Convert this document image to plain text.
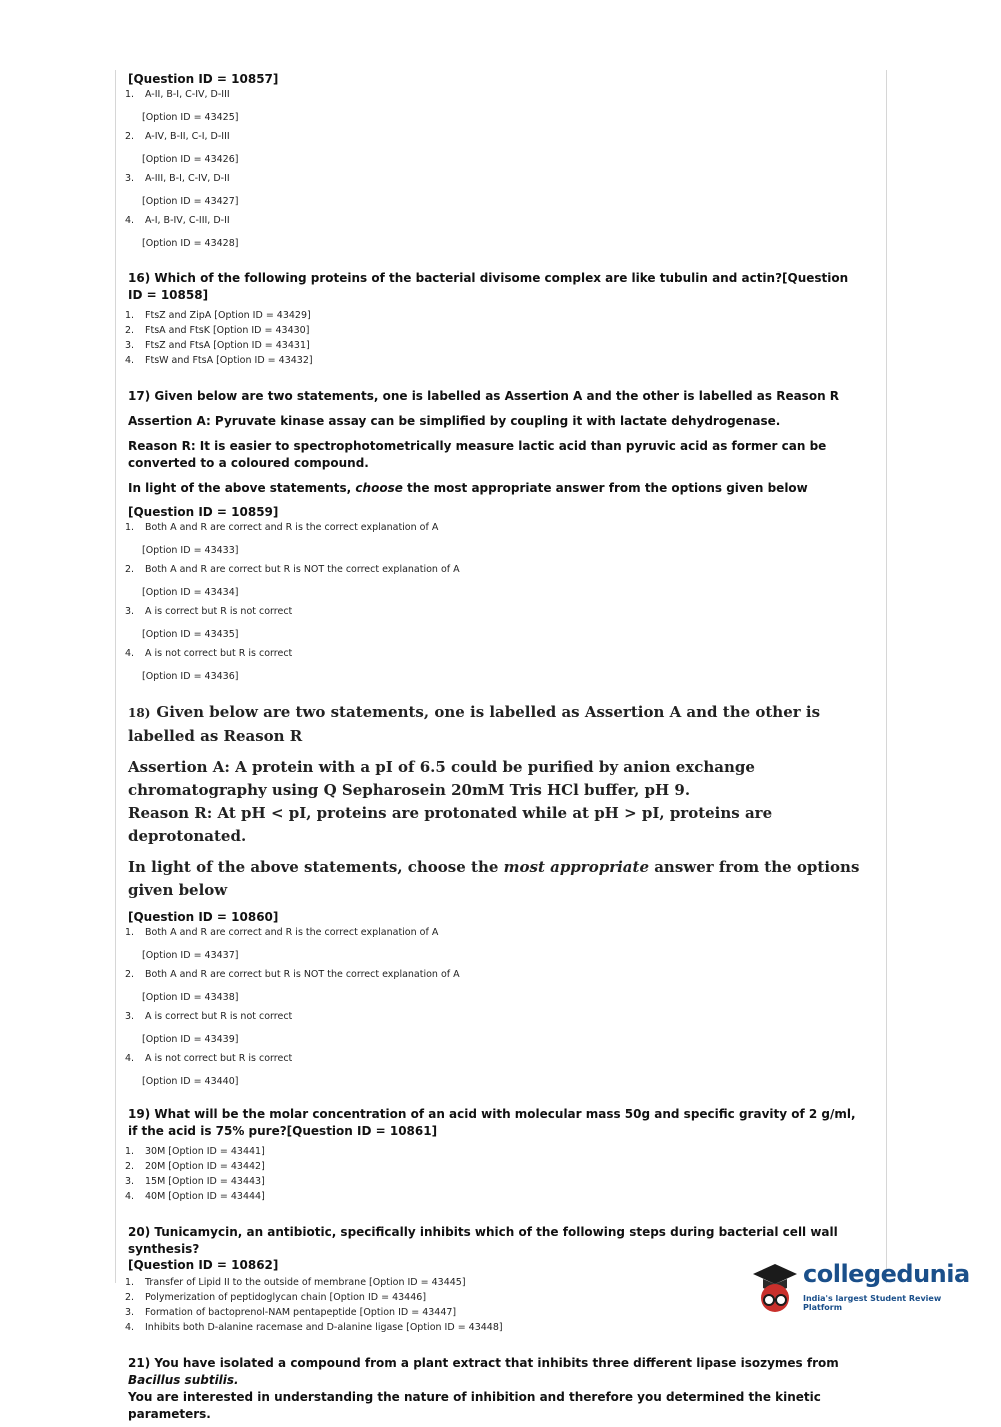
[Question ID = 10857]
1. A-II, B-I, C-IV, D-III
[Option ID = 43425]
2. A-IV, B-II, C-I, D-III
[Option ID = 43426]
3. A-III, B-I, C-IV, D-II
[Option ID = 43427]
4. A-I, B-IV, C-III, D-II
[Option ID = 43428]
16) Which of the following proteins of the bacterial divisome complex are like tubulin and actin?[Question ID = 10858]
1. FtsZ and ZipA [Option ID = 43429]
2. FtsA and FtsK [Option ID = 43430]
3. FtsZ and FtsA [Option ID = 43431]
4. FtsW and FtsA [Option ID = 43432]
17) Given below are two statements, one is labelled as Assertion A and the other is labelled as Reason R
Assertion A: Pyruvate kinase assay can be simplified by coupling it with lactate dehydrogenase.
Reason R: It is easier to spectrophotometrically measure lactic acid than pyruvic acid as former can be converted to a coloured compound.
In light of the above statements, choose the most appropriate answer from the options given below
[Question ID = 10859]
1. Both A and R are correct and R is the correct explanation of A
[Option ID = 43433]
2. Both A and R are correct but R is NOT the correct explanation of A
[Option ID = 43434]
3. A is correct but R is not correct
[Option ID = 43435]
4. A is not correct but R is correct
[Option ID = 43436]
18) Given below are two statements, one is labelled as Assertion A and the other is labelled as Reason R
Assertion A: A protein with a pI of 6.5 could be purified by anion exchange chromatography using Q Sepharosein 20mM Tris HCl buffer, pH 9.
Reason R: At pH < pI, proteins are protonated while at pH > pI, proteins are deprotonated.
In light of the above statements, choose the most appropriate answer from the options given below
[Question ID = 10860]
1. Both A and R are correct and R is the correct explanation of A
[Option ID = 43437]
2. Both A and R are correct but R is NOT the correct explanation of A
[Option ID = 43438]
3. A is correct but R is not correct
[Option ID = 43439]
4. A is not correct but R is correct
[Option ID = 43440]
19) What will be the molar concentration of an acid with molecular mass 50g and specific gravity of 2 g/ml, if the acid is 75% pure?[Question ID = 10861]
1. 30M [Option ID = 43441]
2. 20M [Option ID = 43442]
3. 15M [Option ID = 43443]
4. 40M [Option ID = 43444]
20) Tunicamycin, an antibiotic, specifically inhibits which of the following steps during bacterial cell wall synthesis?
[Question ID = 10862]
1. Transfer of Lipid II to the outside of membrane [Option ID = 43445]
2. Polymerization of peptidoglycan chain [Option ID = 43446]
3. Formation of bactoprenol-NAM pentapeptide [Option ID = 43447]
4. Inhibits both D-alanine racemase and D-alanine ligase [Option ID = 43448]
21) You have isolated a compound from a plant extract that inhibits three different lipase isozymes from Bacillus subtilis.
You are interested in understanding the nature of inhibition and therefore you determined the kinetic parameters.
collegedunia
India's largest Student Review Platform
